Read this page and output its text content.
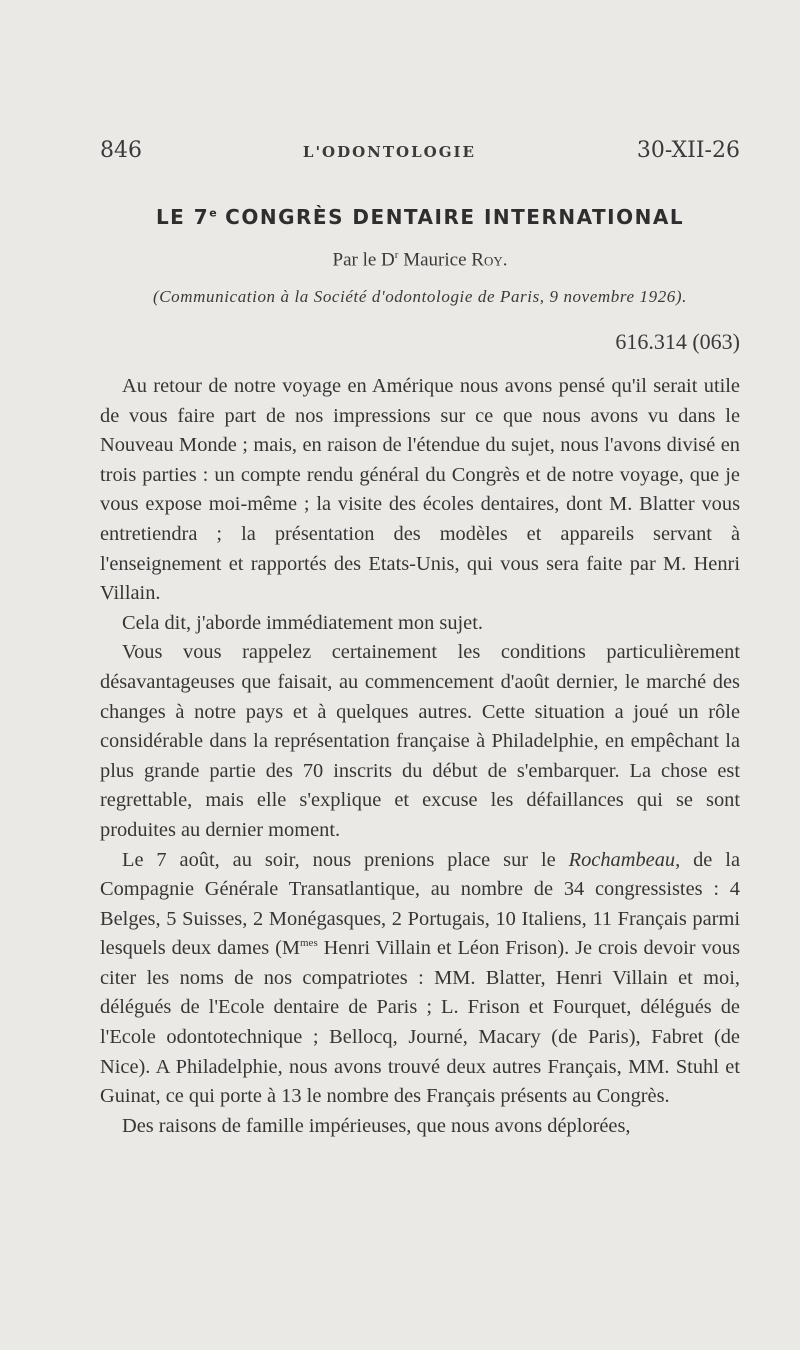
846	L'ODONTOLOGIE	30-XII-26
LE 7e CONGRÈS DENTAIRE INTERNATIONAL
Par le $D^r$ Maurice Roy.
(Communication à la Société d'odontologie de Paris, 9 novembre 1926).
616.314 (063)

Au retour de notre voyage en Amérique nous avons pensé qu'il serait utile de vous faire part de nos impressions sur ce que nous avons vu dans le Nouveau Monde ; mais, en raison de l'étendue du sujet, nous l'avons divisé en trois parties : un compte rendu général du Congrès et de notre voyage, que je vous expose moi-même ; la visite des écoles dentaires, dont M. Blatter vous entretiendra ; la présentation des modèles et appareils servant à l'enseignement et rapportés des Etats-Unis, qui vous sera faite par M. Henri Villain.

Cela dit, j'aborde immédiatement mon sujet.

Vous vous rappelez certainement les conditions particulièrement désavantageuses que faisait, au commencement d'août dernier, le marché des changes à notre pays et à quelques autres. Cette situation a joué un rôle considérable dans la représentation française à Philadelphie, en empêchant la plus grande partie des 70 inscrits du début de s'embarquer. La chose est regrettable, mais elle s'explique et excuse les défaillances qui se sont produites au dernier moment.

Le 7 août, au soir, nous prenions place sur le Rochambeau, de la Compagnie Générale Transatlantique, au nombre de 34 congressistes : 4 Belges, 5 Suisses, 2 Monégasques, 2 Portugais, 10 Italiens, 11 Français parmi lesquels deux dames ($M^{mes}$ Henri Villain et Léon Frison). Je crois devoir vous citer les noms de nos compatriotes : MM. Blatter, Henri Villain et moi, délégués de l'Ecole dentaire de Paris ; L. Frison et Fourquet, délégués de l'Ecole odontotechnique ; Bellocq, Journé, Macary (de Paris), Fabret (de Nice). A Philadelphie, nous avons trouvé deux autres Français, MM. Stuhl et Guinat, ce qui porte à 13 le nombre des Français présents au Congrès.

Des raisons de famille impérieuses, que nous avons déplorées,
